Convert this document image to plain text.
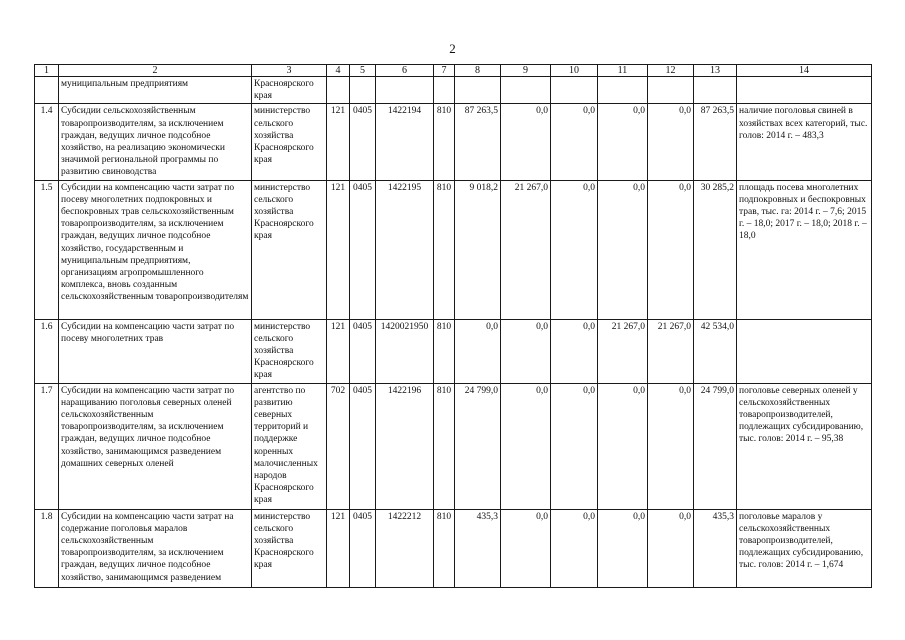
2
1	2	3	4	5	6	7	8	9	10	11	12	13	14
	муниципальным предприятиям	Красноярского края											
1.4	Субсидии сельскохозяйственным товаропроизводителям, за исключением граждан, ведущих личное подсобное хозяйство, на реализацию экономически значимой региональной программы по развитию свиноводства	министерство сельского хозяйства Красноярского края	121	0405	1422194	810	87 263,5	0,0	0,0	0,0	0,0	87 263,5	наличие поголовья свиней в хозяйствах всех категорий, тыс. голов: 2014 г. – 483,3
1.5	Субсидии на компенсацию части затрат по посеву многолетних подпокровных и беспокровных трав сельскохозяйственным товаропроизводителям, за исключением граждан, ведущих личное подсобное хозяйство, государственным и муниципальным предприятиям, организациям агропромышленного комплекса, вновь созданным сельскохозяйственным товаропроизводителям	министерство сельского хозяйства Красноярского края	121	0405	1422195	810	9 018,2	21 267,0	0,0	0,0	0,0	30 285,2	площадь посева многолетних подпокровных и беспокровных трав, тыс. га: 2014 г. – 7,6; 2015 г. – 18,0; 2017 г. – 18,0; 2018 г. – 18,0
1.6	Субсидии на компенсацию части затрат по посеву многолетних трав	министерство сельского хозяйства Красноярского края	121	0405	1420021950	810	0,0	0,0	0,0	21 267,0	21 267,0	42 534,0	
1.7	Субсидии на компенсацию части затрат по наращиванию поголовья северных оленей сельскохозяйственным товаропроизводителям, за исключением граждан, ведущих личное подсобное хозяйство, занимающимся разведением домашних северных оленей	агентство по развитию северных территорий и поддержке коренных малочисленных народов Красноярского края	702	0405	1422196	810	24 799,0	0,0	0,0	0,0	0,0	24 799,0	поголовье северных оленей у сельскохозяйственных товаропроизводителей, подлежащих субсидированию, тыс. голов: 2014 г. – 95,38
1.8	Субсидии на компенсацию части затрат на содержание поголовья маралов сельскохозяйственным товаропроизводителям, за исключением граждан, ведущих личное подсобное хозяйство, занимающимся разведением	министерство сельского хозяйства Красноярского края	121	0405	1422212	810	435,3	0,0	0,0	0,0	0,0	435,3	поголовье маралов у сельскохозяйственных товаропроизводителей, подлежащих субсидированию, тыс. голов: 2014 г. – 1,674
